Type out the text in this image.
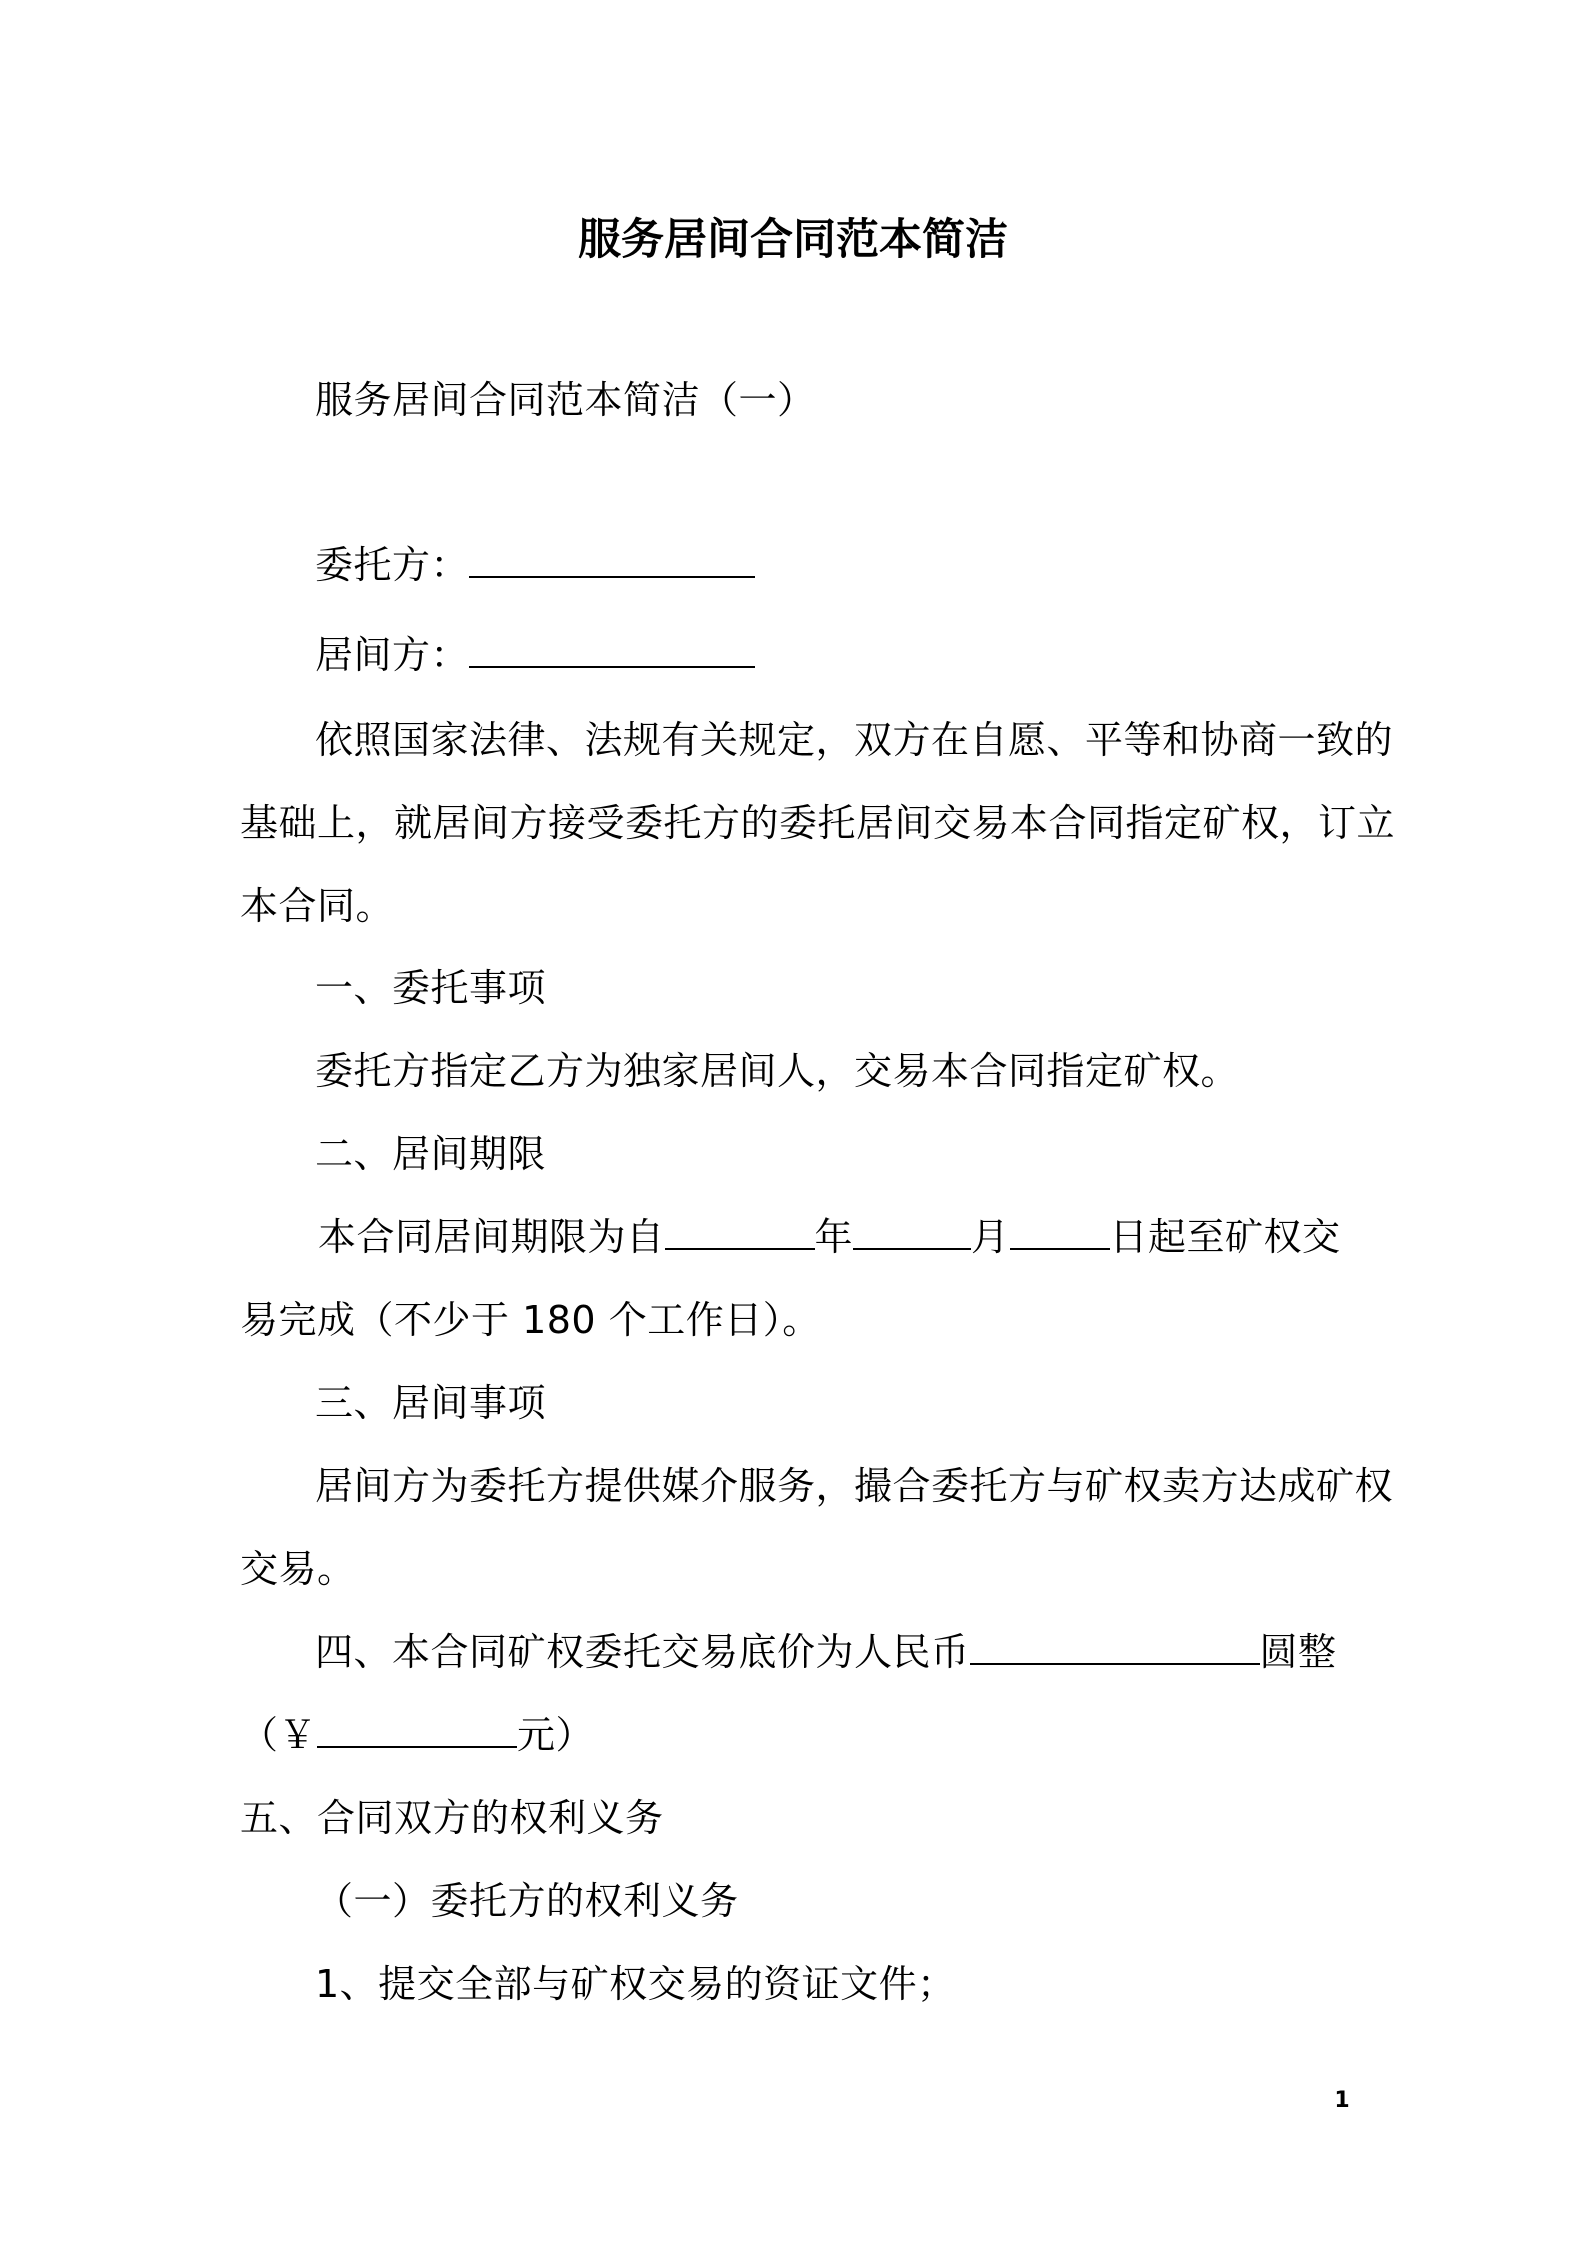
服务居间合同范本简洁
服务居间合同范本简洁（一）
委托方：
居间方：
依照国家法律、法规有关规定，双方在自愿、平等和协商一致的
基础上，就居间方接受委托方的委托居间交易本合同指定矿权，订立
本合同。
一、委托事项
委托方指定乙方为独家居间人，交易本合同指定矿权。
二、居间期限
本合同居间期限为自	年	月	日起至矿权交
易完成（不少于 180 个工作日）。
三、居间事项
居间方为委托方提供媒介服务，撮合委托方与矿权卖方达成矿权
交易。
四、本合同矿权委托交易底价为人民币	圆整
（￥	元）
五、合同双方的权利义务
（一）委托方的权利义务
1、提交全部与矿权交易的资证文件；
1
